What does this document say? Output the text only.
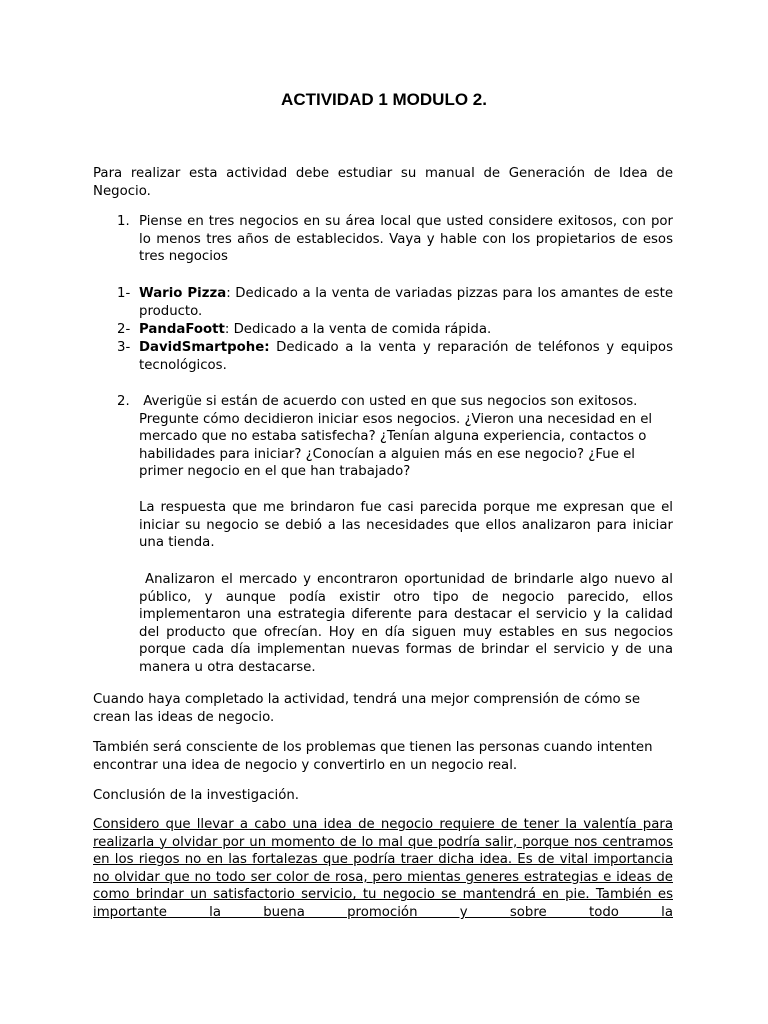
ACTIVIDAD 1 MODULO 2.

Para realizar esta actividad debe estudiar su manual de Generación de Idea de Negocio.

1. Piense en tres negocios en su área local que usted considere exitosos, con por lo menos tres años de establecidos. Vaya y hable con los propietarios de esos tres negocios

1- Wario Pizza: Dedicado a la venta de variadas pizzas para los amantes de este producto.

2- PandaFoott: Dedicado a la venta de comida rápida.

3- DavidSmartpohe: Dedicado a la venta y reparación de teléfonos y equipos tecnológicos.

2. Averigüe si están de acuerdo con usted en que sus negocios son exitosos. Pregunte cómo decidieron iniciar esos negocios. ¿Vieron una necesidad en el mercado que no estaba satisfecha? ¿Tenían alguna experiencia, contactos o habilidades para iniciar? ¿Conocían a alguien más en ese negocio? ¿Fue el primer negocio en el que han trabajado?

La respuesta que me brindaron fue casi parecida porque me expresan que el iniciar su negocio se debió a las necesidades que ellos analizaron para iniciar una tienda.

Analizaron el mercado y encontraron oportunidad de brindarle algo nuevo al público, y aunque podía existir otro tipo de negocio parecido, ellos implementaron una estrategia diferente para destacar el servicio y la calidad del producto que ofrecían. Hoy en día siguen muy estables en sus negocios porque cada día implementan nuevas formas de brindar el servicio y de una manera u otra destacarse.

Cuando haya completado la actividad, tendrá una mejor comprensión de cómo se crean las ideas de negocio.

También será consciente de los problemas que tienen las personas cuando intenten encontrar una idea de negocio y convertirlo en un negocio real.

Conclusión de la investigación.

Considero que llevar a cabo una idea de negocio requiere de tener la valentía para realizarla y olvidar por un momento de lo mal que podría salir, porque nos centramos en los riegos no en las fortalezas que podría traer dicha idea. Es de vital importancia no olvidar que no todo ser color de rosa, pero mientas generes estrategias e ideas de como brindar un satisfactorio servicio, tu negocio se mantendrá en pie. También es importante la buena promoción y sobre todo la
